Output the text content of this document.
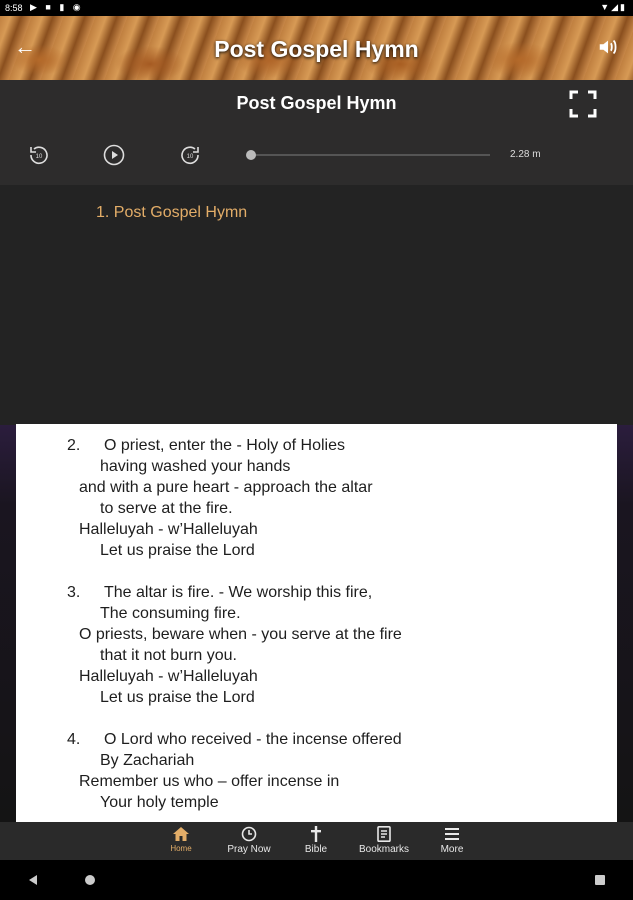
8:58 ▶ ■ ▮ ◉	▼◢▮
←	Post Gospel Hymn
Post Gospel Hymn
10	10	2.28 m
1. Post Gospel Hymn
2. O priest, enter the - Holy of Holies
having washed your hands
and with a pure heart - approach the altar
to serve at the fire.
Halleluyah - w’Halleluyah
Let us praise the Lord
3. The altar is fire. - We worship this fire,
The consuming fire.
O priests, beware when - you serve at the fire
that it not burn you.
Halleluyah - w’Halleluyah
Let us praise the Lord
4. O Lord who received - the incense offered
By Zachariah
Remember us who – offer incense in
Your holy temple
Home	Pray Now	Bible	Bookmarks	More
